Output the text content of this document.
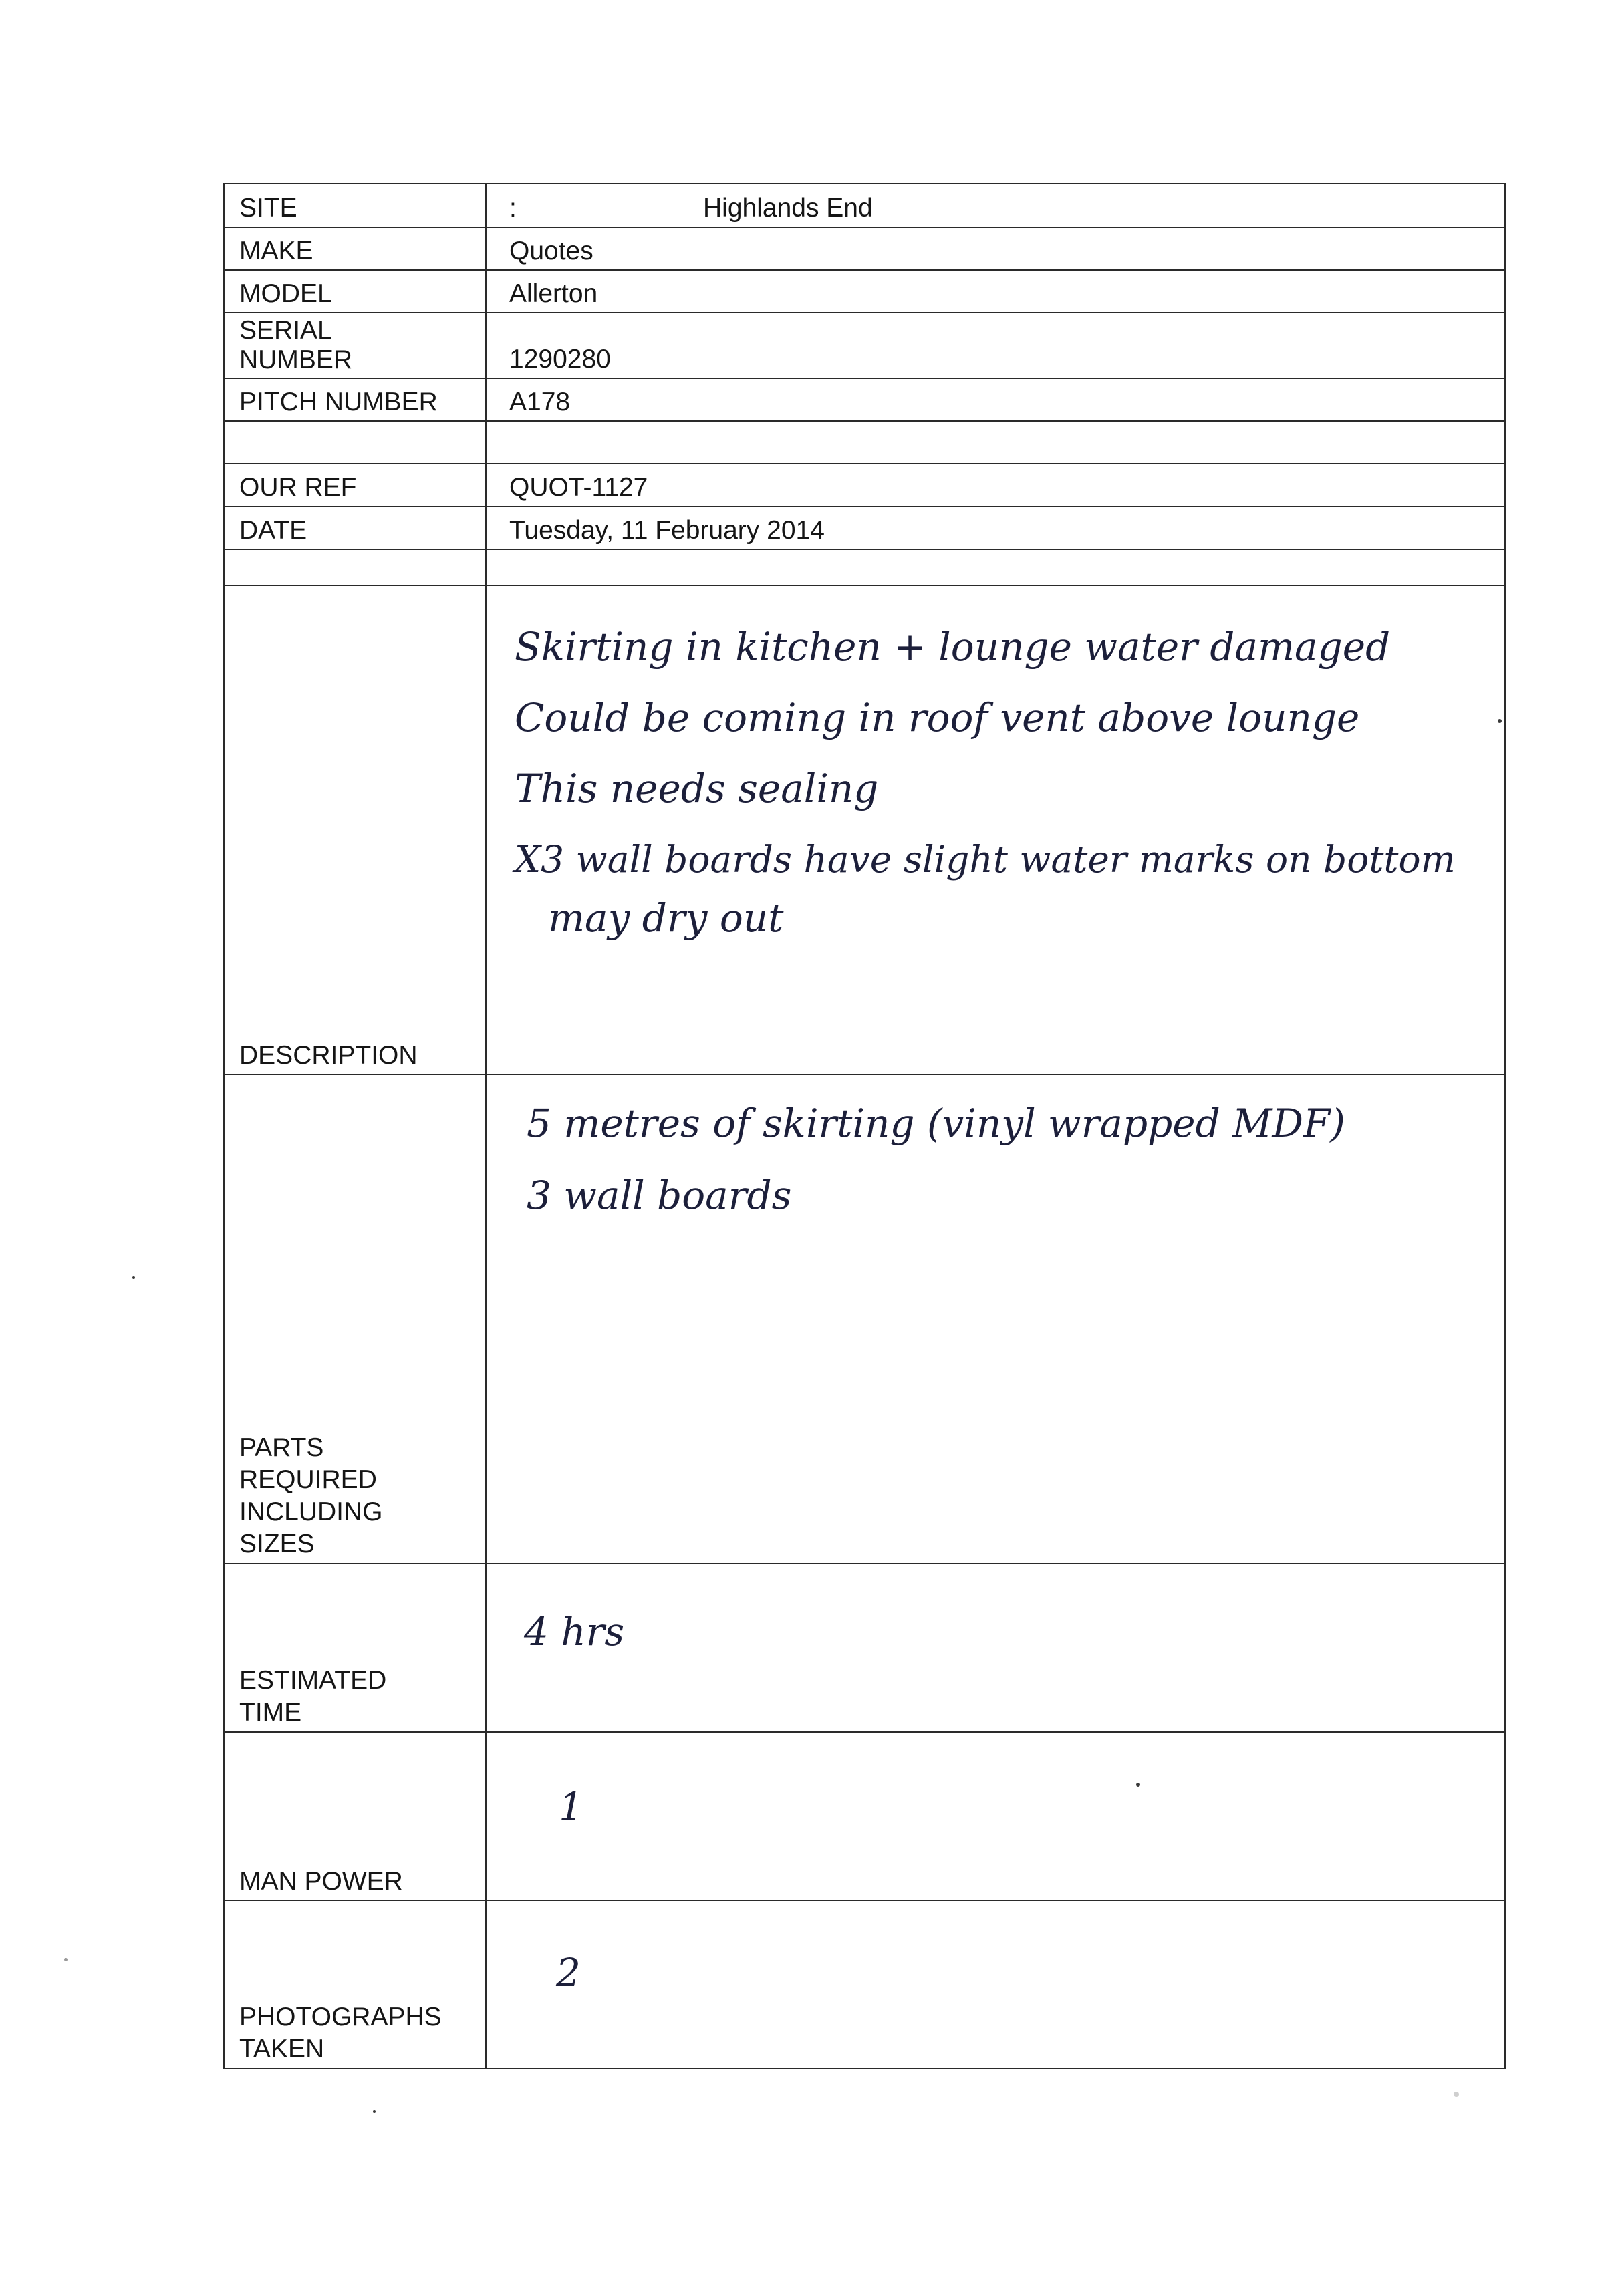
SITE	: Highlands End
MAKE	Quotes
MODEL	Allerton
SERIAL
NUMBER	1290280
PITCH NUMBER	A178

OUR REF	QUOT-1127
DATE	Tuesday, 11 February 2014

DESCRIPTION	Skirting in kitchen + lounge water damaged
Could be coming in roof vent above lounge
This needs sealing
X3 wall boards have slight water marks on bottom
may dry out

PARTS
REQUIRED
INCLUDING
SIZES	5 metres of skirting (vinyl wrapped MDF)
3 wall boards

ESTIMATED
TIME	4 hrs

MAN POWER	1

PHOTOGRAPHS
TAKEN	2
